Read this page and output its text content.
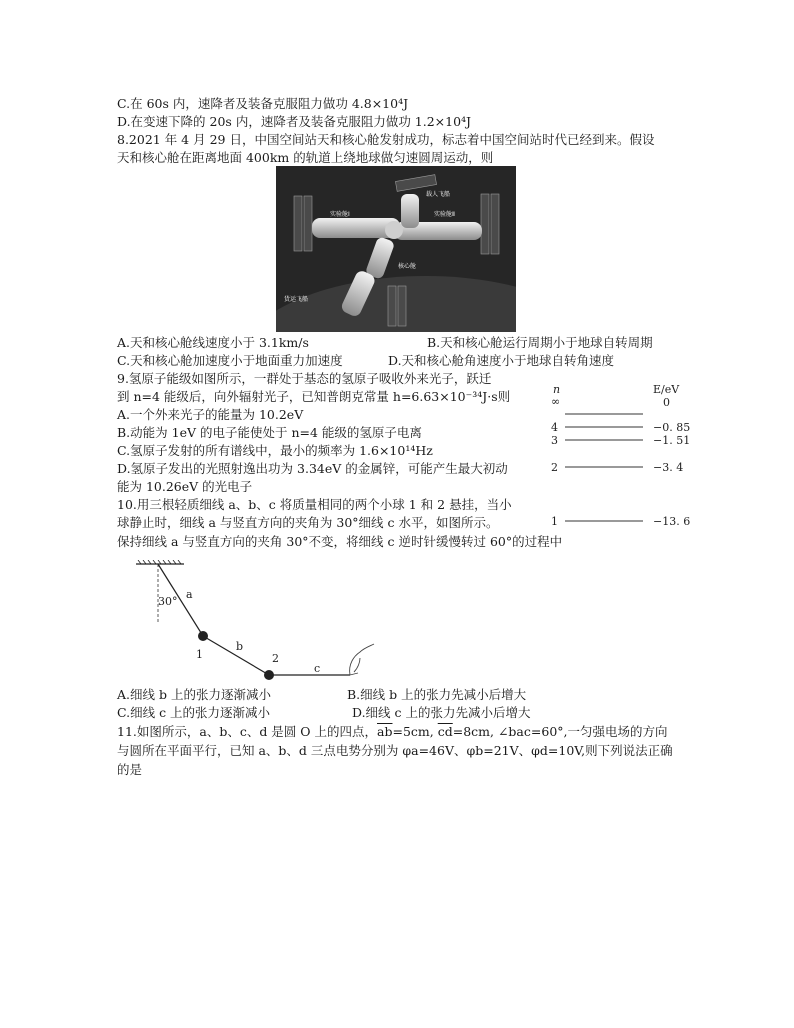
C.在 60s 内，速降者及装备克服阻力做功 4.8×10⁴J
D.在变速下降的 20s 内，速降者及装备克服阻力做功 1.2×10⁴J
8.2021 年 4 月 29 日，中国空间站天和核心舱发射成功，标志着中国空间站时代已经到来。假设
天和核心舱在距离地面 400km 的轨道上绕地球做匀速圆周运动，则
实验舱Ⅰ
载人飞船
实验舱Ⅱ
核心舱
货运飞船
A.天和核心舱线速度小于 3.1km/s	B.天和核心舱运行周期小于地球自转周期
C.天和核心舱加速度小于地面重力加速度	D.天和核心舱角速度小于地球自转角速度
9.氢原子能级如图所示，一群处于基态的氢原子吸收外来光子，跃迁
到 n=4 能级后，向外辐射光子，已知普朗克常量 h=6.63×10⁻³⁴J·s则
A.一个外来光子的能量为 10.2eV
B.动能为 1eV 的电子能使处于 n=4 能级的氢原子电离
C.氢原子发射的所有谱线中，最小的频率为 1.6×10¹⁴Hz
D.氢原子发出的光照射逸出功为 3.34eV 的金属锌，可能产生最大初动
能为 10.26eV 的光电子
n	E/eV
∞	0
4	−0. 85
3	−1. 51
2	−3. 4
1	−13. 6
10.用三根轻质细线 a、b、c 将质量相同的两个小球 1 和 2 悬挂，当小
球静止时，细线 a 与竖直方向的夹角为 30°细线 c 水平，如图所示。
保持细线 a 与竖直方向的夹角 30°不变，将细线 c 逆时针缓慢转过 60°的过程中
30°
a
b
c
1	2
A.细线 b 上的张力逐渐减小	B.细线 b 上的张力先减小后增大
C.细线 c 上的张力逐渐减小	D.细线 c 上的张力先减小后增大
11.如图所示，a、b、c、d 是圆 O 上的四点，$\overline{ab}=5cm$, $\overline{cd}=8cm$, ∠bac=60°,一匀强电场的方向
与圆所在平面平行，已知 a、b、d 三点电势分别为 φa=46V、φb=21V、φd=10V,则下列说法正确
的是
